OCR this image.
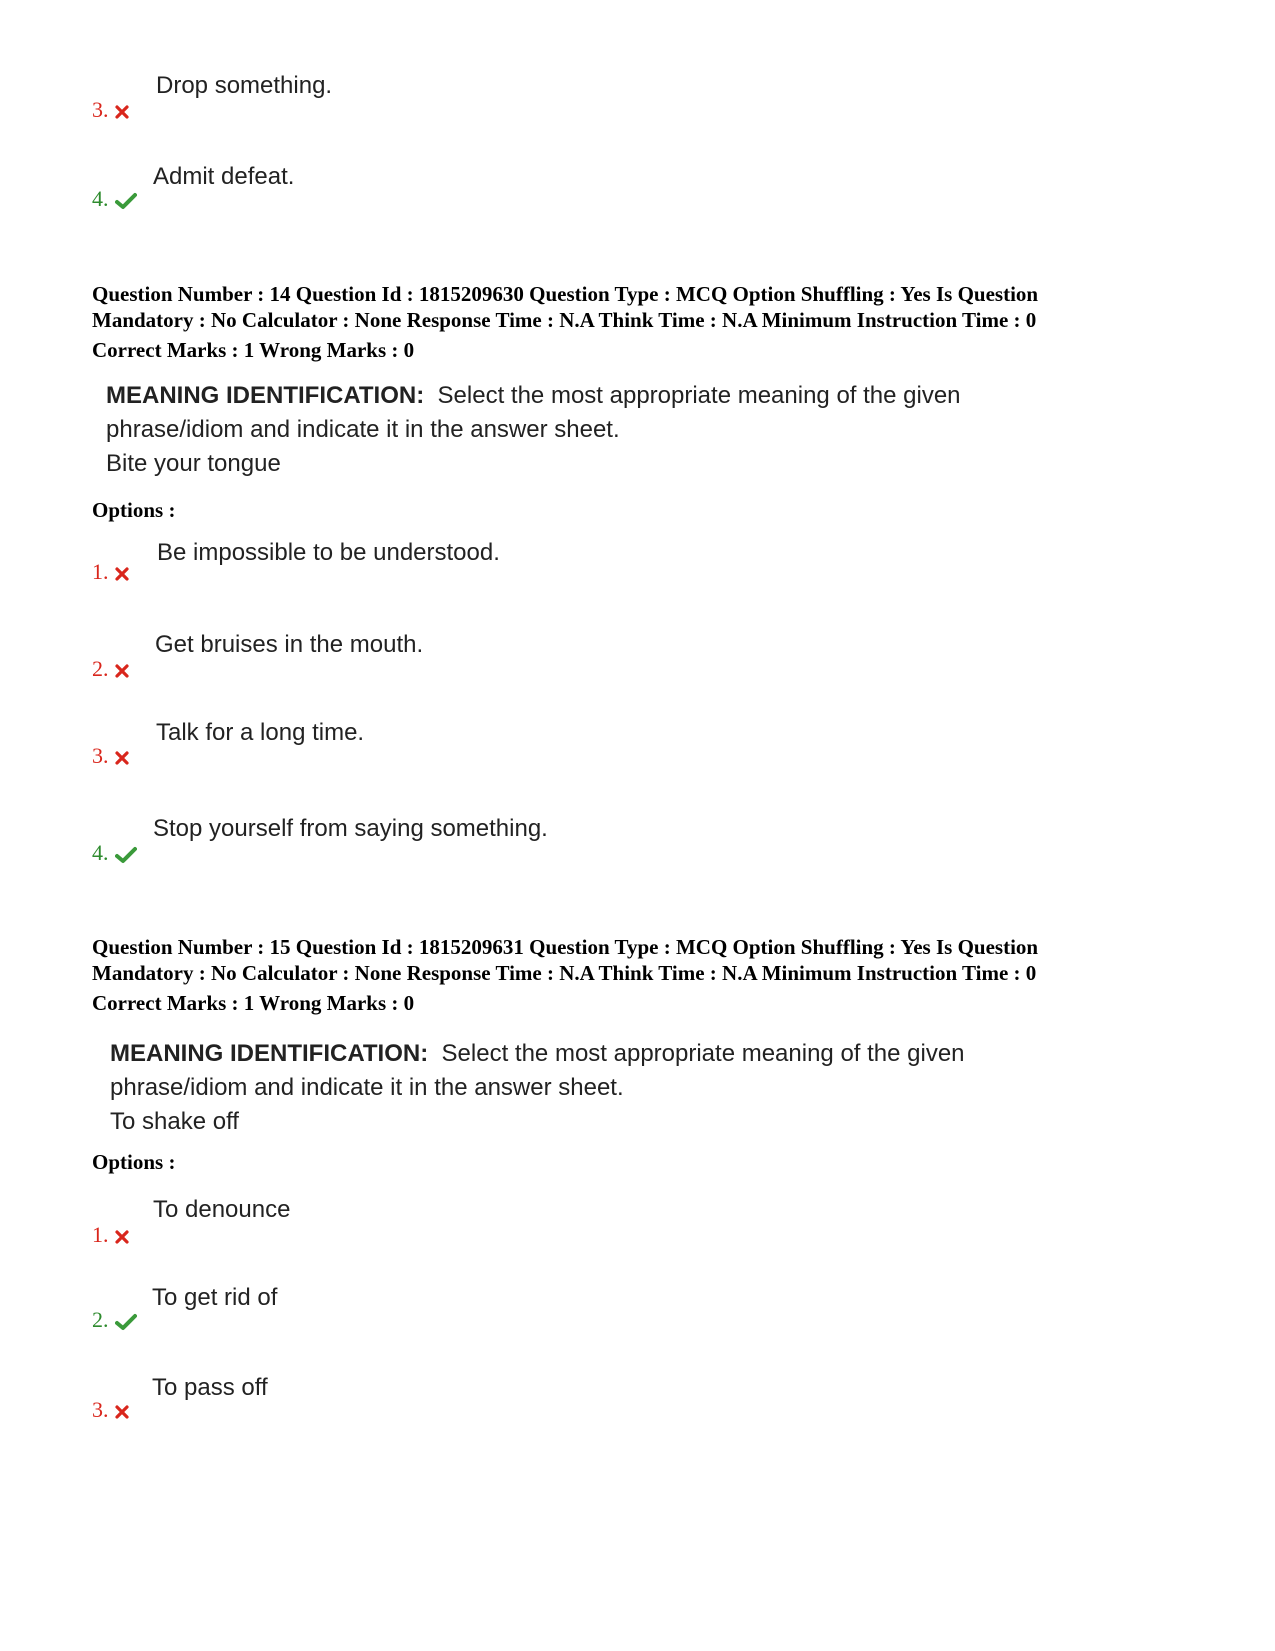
Drop something.
3.
Admit defeat.
4.
Question Number : 14 Question Id : 1815209630 Question Type : MCQ Option Shuffling : Yes Is Question
Mandatory : No Calculator : None Response Time : N.A Think Time : N.A Minimum Instruction Time : 0
Correct Marks : 1 Wrong Marks : 0
MEANING IDENTIFICATION: Select the most appropriate meaning of the given
phrase/idiom and indicate it in the answer sheet.
Bite your tongue
Options :
Be impossible to be understood.
1.
Get bruises in the mouth.
2.
Talk for a long time.
3.
Stop yourself from saying something.
4.
Question Number : 15 Question Id : 1815209631 Question Type : MCQ Option Shuffling : Yes Is Question
Mandatory : No Calculator : None Response Time : N.A Think Time : N.A Minimum Instruction Time : 0
Correct Marks : 1 Wrong Marks : 0
MEANING IDENTIFICATION: Select the most appropriate meaning of the given
phrase/idiom and indicate it in the answer sheet.
To shake off
Options :
To denounce
1.
To get rid of
2.
To pass off
3.
